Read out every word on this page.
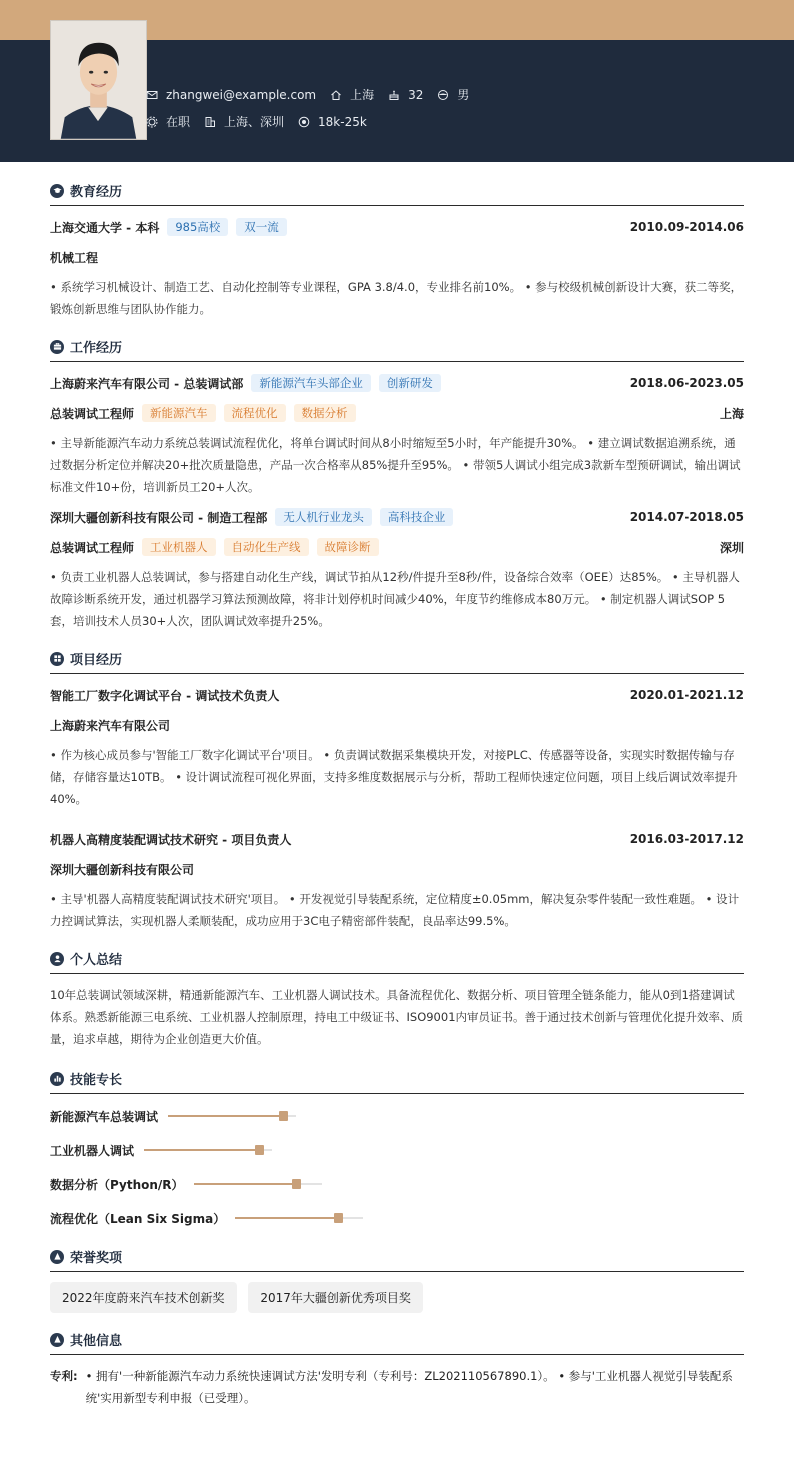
zhangwei@example.com	上海	32	男
在职	上海、深圳	18k-25k
教育经历
上海交通大学 - 本科	985高校	双一流	2010.09-2014.06
机械工程
• 系统学习机械设计、制造工艺、自动化控制等专业课程，GPA 3.8/4.0，专业排名前10%。 • 参与校级机械创新设计大赛，获二等奖，锻炼创新思维与团队协作能力。
工作经历
上海蔚来汽车有限公司 - 总装调试部	新能源汽车头部企业	创新研发	2018.06-2023.05
总装调试工程师	新能源汽车	流程优化	数据分析	上海
• 主导新能源汽车动力系统总装调试流程优化，将单台调试时间从8小时缩短至5小时，年产能提升30%。 • 建立调试数据追溯系统，通过数据分析定位并解决20+批次质量隐患，产品一次合格率从85%提升至95%。 • 带领5人调试小组完成3款新车型预研调试，输出调试标准文件10+份，培训新员工20+人次。
深圳大疆创新科技有限公司 - 制造工程部	无人机行业龙头	高科技企业	2014.07-2018.05
总装调试工程师	工业机器人	自动化生产线	故障诊断	深圳
• 负责工业机器人总装调试，参与搭建自动化生产线，调试节拍从12秒/件提升至8秒/件，设备综合效率（OEE）达85%。 • 主导机器人故障诊断系统开发，通过机器学习算法预测故障，将非计划停机时间减少40%，年度节约维修成本80万元。 • 制定机器人调试SOP 5套，培训技术人员30+人次，团队调试效率提升25%。
项目经历
智能工厂数字化调试平台 - 调试技术负责人	2020.01-2021.12
上海蔚来汽车有限公司
• 作为核心成员参与'智能工厂数字化调试平台'项目。 • 负责调试数据采集模块开发，对接PLC、传感器等设备，实现实时数据传输与存储，存储容量达10TB。 • 设计调试流程可视化界面，支持多维度数据展示与分析，帮助工程师快速定位问题，项目上线后调试效率提升40%。
机器人高精度装配调试技术研究 - 项目负责人	2016.03-2017.12
深圳大疆创新科技有限公司
• 主导'机器人高精度装配调试技术研究'项目。 • 开发视觉引导装配系统，定位精度±0.05mm，解决复杂零件装配一致性难题。 • 设计力控调试算法，实现机器人柔顺装配，成功应用于3C电子精密部件装配，良品率达99.5%。
个人总结
10年总装调试领域深耕，精通新能源汽车、工业机器人调试技术。具备流程优化、数据分析、项目管理全链条能力，能从0到1搭建调试体系。熟悉新能源三电系统、工业机器人控制原理，持电工中级证书、ISO9001内审员证书。善于通过技术创新与管理优化提升效率、质量，追求卓越，期待为企业创造更大价值。
技能专长
新能源汽车总装调试
工业机器人调试
数据分析（Python/R）
流程优化（Lean Six Sigma）
荣誉奖项
2022年度蔚来汽车技术创新奖	2017年大疆创新优秀项目奖
其他信息
专利: • 拥有'一种新能源汽车动力系统快速调试方法'发明专利（专利号：ZL202110567890.1）。 • 参与'工业机器人视觉引导装配系统'实用新型专利申报（已受理）。
